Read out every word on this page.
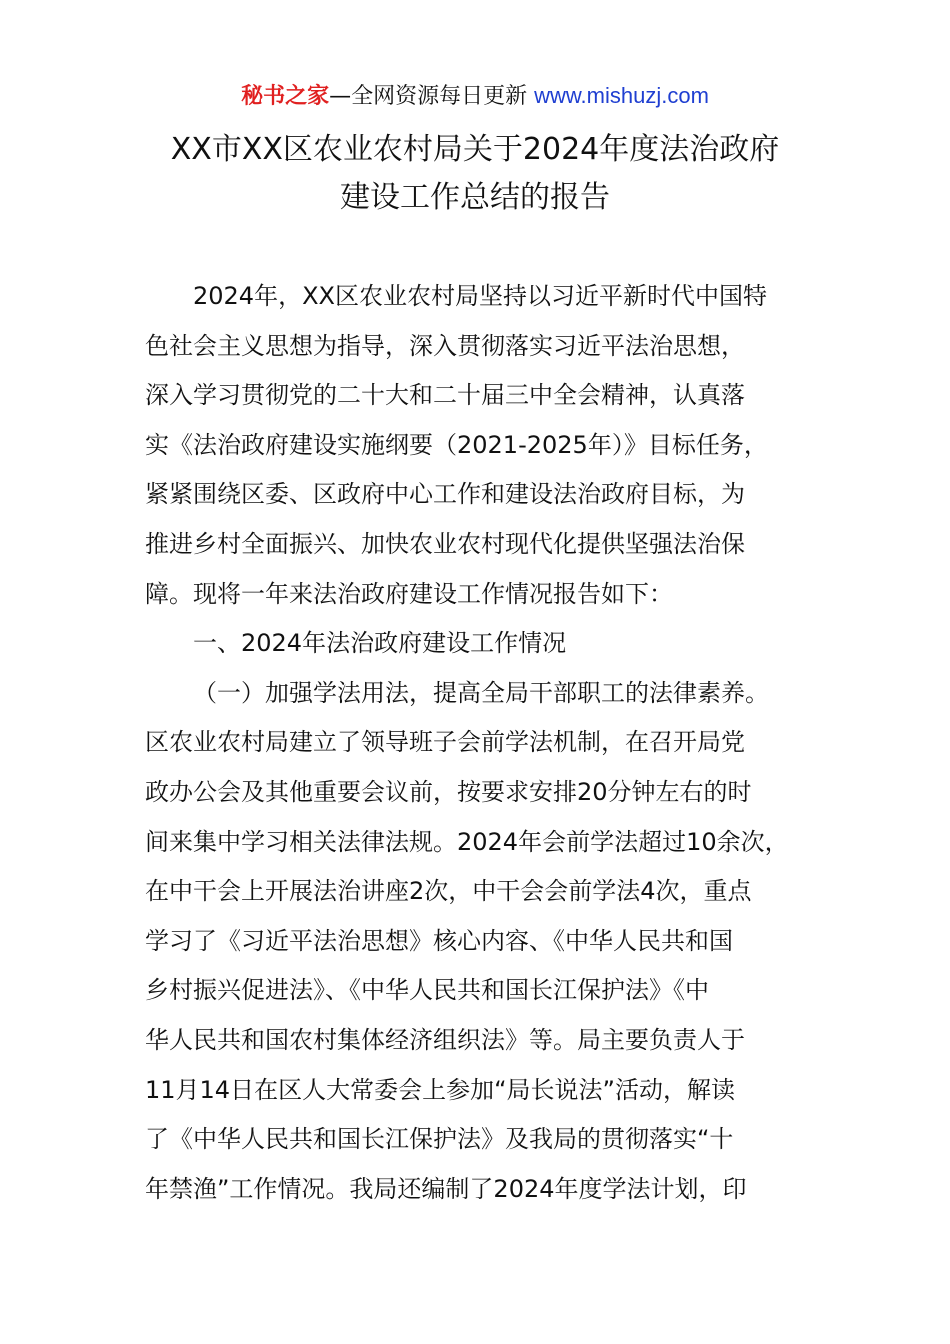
秘书之家—全网资源每日更新 www.mishuzj.com
XX市XX区农业农村局关于2024年度法治政府
建设工作总结的报告
2024年，XX区农业农村局坚持以习近平新时代中国特
色社会主义思想为指导，深入贯彻落实习近平法治思想，
深入学习贯彻党的二十大和二十届三中全会精神，认真落
实《法治政府建设实施纲要（2021-2025年）》目标任务，
紧紧围绕区委、区政府中心工作和建设法治政府目标，为
推进乡村全面振兴、加快农业农村现代化提供坚强法治保
障。现将一年来法治政府建设工作情况报告如下：
一、2024年法治政府建设工作情况
（一）加强学法用法，提高全局干部职工的法律素养。
区农业农村局建立了领导班子会前学法机制，在召开局党
政办公会及其他重要会议前，按要求安排20分钟左右的时
间来集中学习相关法律法规。2024年会前学法超过10余次，
在中干会上开展法治讲座2次，中干会会前学法4次，重点
学习了《习近平法治思想》核心内容、《中华人民共和国
乡村振兴促进法》、《中华人民共和国长江保护法》《中
华人民共和国农村集体经济组织法》等。局主要负责人于
11月14日在区人大常委会上参加“局长说法”活动，解读
了《中华人民共和国长江保护法》及我局的贯彻落实“十
年禁渔”工作情况。我局还编制了2024年度学法计划，印
